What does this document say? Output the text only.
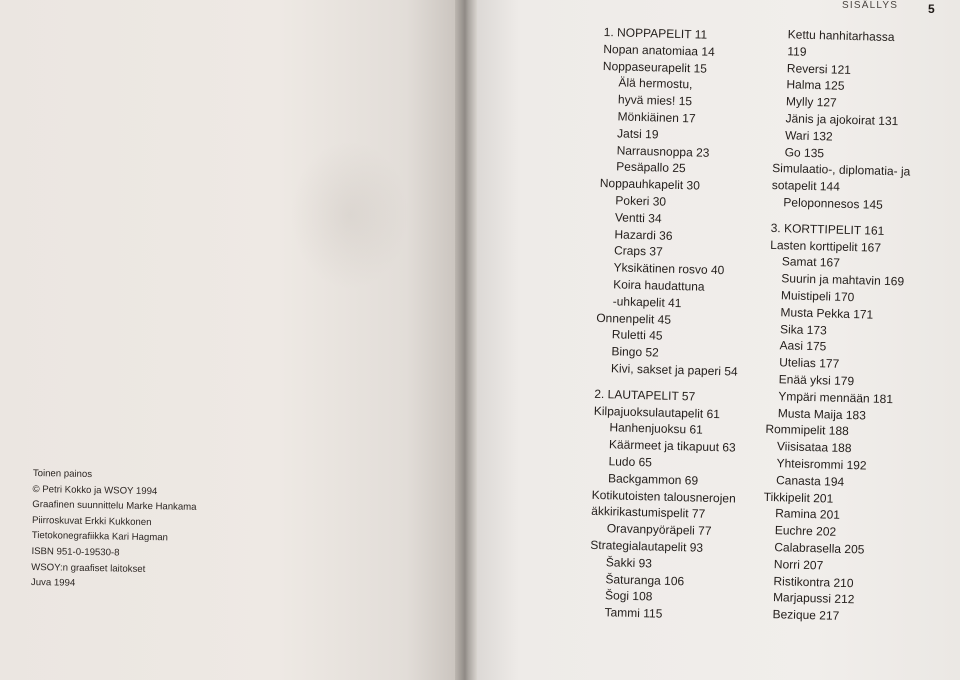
Toinen painos
© Petri Kokko ja WSOY 1994
Graafinen suunnittelu Marke Hankama
Piirroskuvat Erkki Kukkonen
Tietokonegrafiikka Kari Hagman
ISBN 951-0-19530-8
WSOY:n graafiset laitokset
Juva 1994
SISÄLLYS 5
1. NOPPAPELIT 11
Nopan anatomiaa 14
Noppaseurapelit 15
Älä hermostu,
hyvä mies! 15
Mönkiäinen 17
Jatsi 19
Narrausnoppa 23
Pesäpallo 25
Noppauhkapelit 30
Pokeri 30
Ventti 34
Hazardi 36
Craps 37
Yksikätinen rosvo 40
Koira haudattuna
-uhkapelit 41
Onnenpelit 45
Ruletti 45
Bingo 52
Kivi, sakset ja paperi 54
2. LAUTAPELIT 57
Kilpajuoksulautapelit 61
Hanhenjuoksu 61
Käärmeet ja tikapuut 63
Ludo 65
Backgammon 69
Kotikutoisten talousnerojen
äkkirikastumispelit 77
Oravanpyöräpeli 77
Strategialautapelit 93
Šakki 93
Šaturanga 106
Šogi 108
Tammi 115
Kettu hanhitarhassa
119
Reversi 121
Halma 125
Mylly 127
Jänis ja ajokoirat 131
Wari 132
Go 135
Simulaatio-, diplomatia- ja
sotapelit 144
Peloponnesos 145
3. KORTTIPELIT 161
Lasten korttipelit 167
Samat 167
Suurin ja mahtavin 169
Muistipeli 170
Musta Pekka 171
Sika 173
Aasi 175
Utelias 177
Enää yksi 179
Ympäri mennään 181
Musta Maija 183
Rommipelit 188
Viisisataa 188
Yhteisrommi 192
Canasta 194
Tikkipelit 201
Ramina 201
Euchre 202
Calabrasella 205
Norri 207
Ristikontra 210
Marjapussi 212
Bezique 217
